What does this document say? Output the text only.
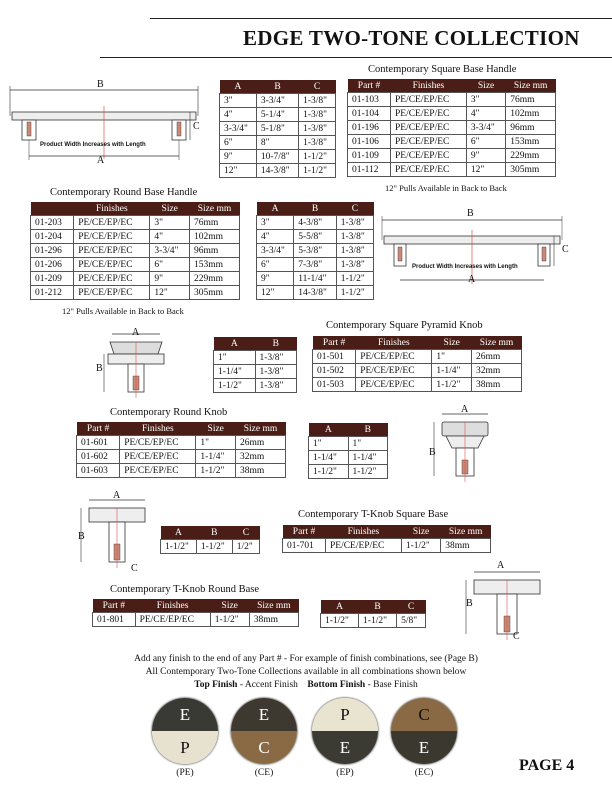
EDGE TWO-TONE COLLECTION
B
C
A
Product Width Increases with Length
A	B	C
3"	3-3/4"	1-3/8"
4"	5-1/4"	1-3/8"
3-3/4"	5-1/8"	1-3/8"
6"	8"	1-3/8"
9"	10-7/8"	1-1/2"
12"	14-3/8"	1-1/2"
Contemporary Square Base Handle
Part #	Finishes	Size	Size mm
01-103	PE/CE/EP/EC	3"	76mm
01-104	PE/CE/EP/EC	4"	102mm
01-196	PE/CE/EP/EC	3-3/4"	96mm
01-106	PE/CE/EP/EC	6"	153mm
01-109	PE/CE/EP/EC	9"	229mm
01-112	PE/CE/EP/EC	12"	305mm
12" Pulls Available in Back to Back
Contemporary Round Base Handle
	Finishes	Size	Size mm
01-203	PE/CE/EP/EC	3"	76mm
01-204	PE/CE/EP/EC	4"	102mm
01-296	PE/CE/EP/EC	3-3/4"	96mm
01-206	PE/CE/EP/EC	6"	153mm
01-209	PE/CE/EP/EC	9"	229mm
01-212	PE/CE/EP/EC	12"	305mm
12" Pulls Available in Back to Back
A	B	C
3"	4-3/8"	1-3/8"
4"	5-5/8"	1-3/8"
3-3/4"	5-3/8"	1-3/8"
6"	7-3/8"	1-3/8"
9"	11-1/4"	1-1/2"
12"	14-3/8"	1-1/2"
B
C
A
Product Width Increases with Length
A
B
A	B
1"	1-3/8"
1-1/4"	1-3/8"
1-1/2"	1-3/8"
Contemporary Square Pyramid Knob
Part #	Finishes	Size	Size mm
01-501	PE/CE/EP/EC	1"	26mm
01-502	PE/CE/EP/EC	1-1/4"	32mm
01-503	PE/CE/EP/EC	1-1/2"	38mm
Contemporary Round Knob
Part #	Finishes	Size	Size mm
01-601	PE/CE/EP/EC	1"	26mm
01-602	PE/CE/EP/EC	1-1/4"	32mm
01-603	PE/CE/EP/EC	1-1/2"	38mm
A	B
1"	1"
1-1/4"	1-1/4"
1-1/2"	1-1/2"
A
B
A
B
C
A	B	C
1-1/2"	1-1/2"	1/2"
Contemporary T-Knob Square Base
Part #	Finishes	Size	Size mm
01-701	PE/CE/EP/EC	1-1/2"	38mm
Contemporary T-Knob Round Base
Part #	Finishes	Size	Size mm
01-801	PE/CE/EP/EC	1-1/2"	38mm
A	B	C
1-1/2"	1-1/2"	5/8"
A
B
C
Add any finish to the end of any Part # - For example of finish combinations, see (Page B)
All Contemporary Two-Tone Collections available in all combinations shown below
Top Finish - Accent Finish Bottom Finish - Base Finish
E
P
(PE)
E
C
(CE)
P
E
(EP)
C
E
(EC)	PAGE 4
